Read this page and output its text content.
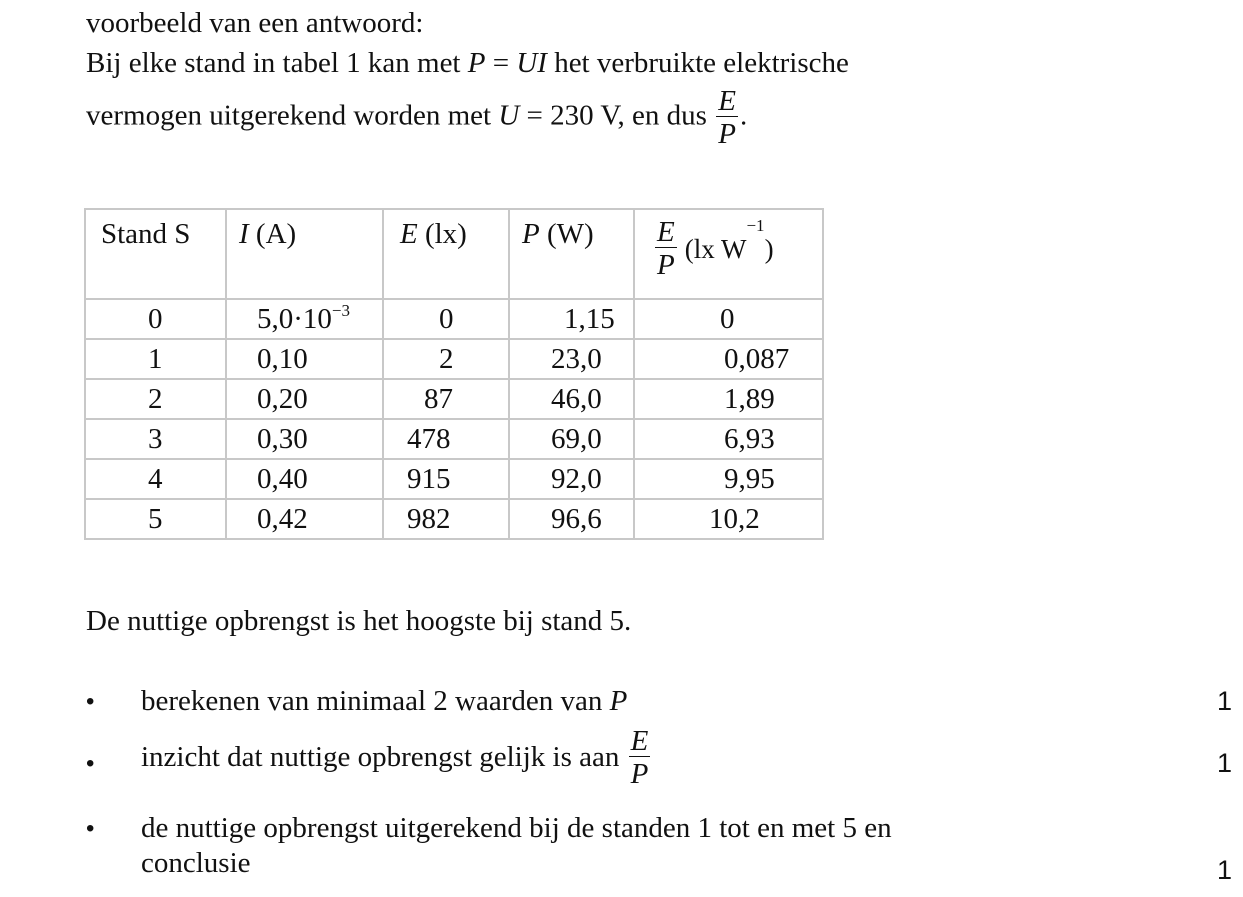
voorbeeld van een antwoord:
Bij elke stand in tabel 1 kan met P = UI het verbruikte elektrische
vermogen uitgerekend worden met U = 230 V, en dus $\frac{E}{P}$ .
Stand S	I (A)	E (lx)	P (W)	$\frac{E}{P} (lx$ $W^{-1}$)
0	$5,0\cdot 10^{-3}$	0	1,15	0
1	0,10	2	23,0	0,087
2	0,20	87	46,0	1,89
3	0,30	478	69,0	6,93
4	0,40	915	92,0	9,95
5	0,42	982	96,6	10,2
De nuttige opbrengst is het hoogste bij stand 5.
• berekenen van minimaal 2 waarden van P	1
• inzicht dat nuttige opbrengst gelijk is aan $\frac{E}{P}$	1
• de nuttige opbrengst uitgerekend bij de standen 1 tot en met 5 en
conclusie	1
